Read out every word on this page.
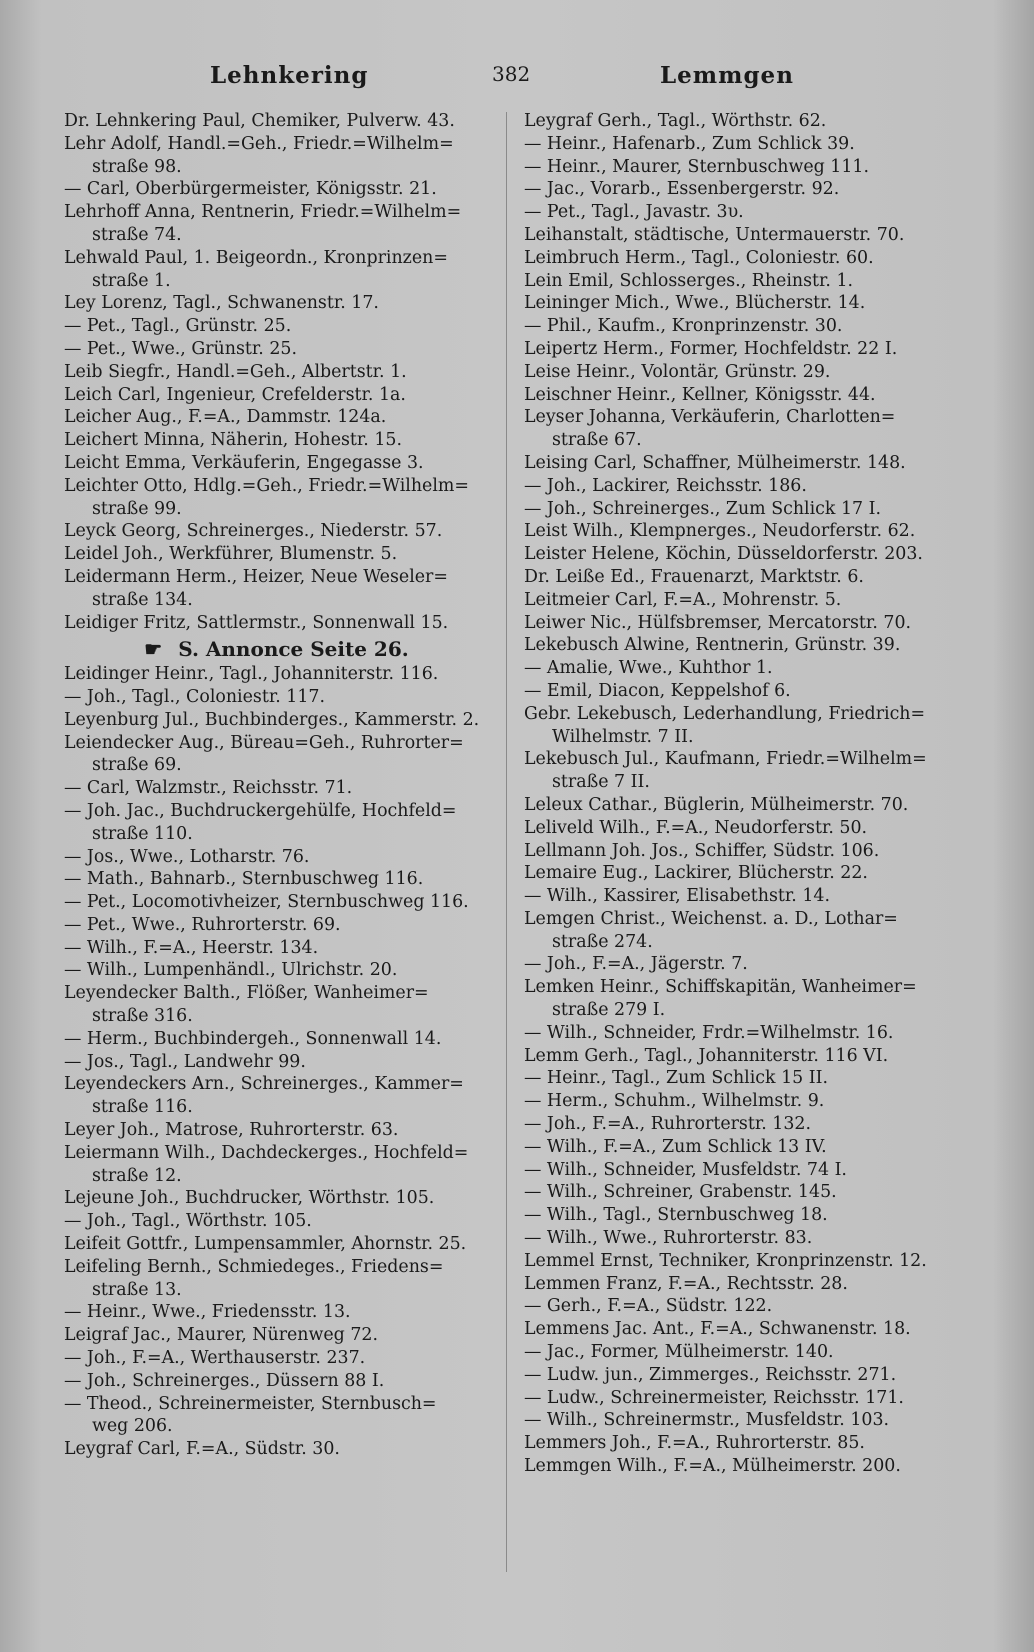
Lehnkering	382	Lemmgen
Dr. Lehnkering Paul, Chemiker, Pulverw. 43.
Lehr Adolf, Handl.=Geh., Friedr.=Wilhelm=
straße 98.
— Carl, Oberbürgermeister, Königsstr. 21.
Lehrhoff Anna, Rentnerin, Friedr.=Wilhelm=
straße 74.
Lehwald Paul, 1. Beigeordn., Kronprinzen=
straße 1.
Ley Lorenz, Tagl., Schwanenstr. 17.
— Pet., Tagl., Grünstr. 25.
— Pet., Wwe., Grünstr. 25.
Leib Siegfr., Handl.=Geh., Albertstr. 1.
Leich Carl, Ingenieur, Crefelderstr. 1a.
Leicher Aug., F.=A., Dammstr. 124a.
Leichert Minna, Näherin, Hohestr. 15.
Leicht Emma, Verkäuferin, Engegasse 3.
Leichter Otto, Hdlg.=Geh., Friedr.=Wilhelm=
straße 99.
Leyck Georg, Schreinerges., Niederstr. 57.
Leidel Joh., Werkführer, Blumenstr. 5.
Leidermann Herm., Heizer, Neue Weseler=
straße 134.
Leidiger Fritz, Sattlermstr., Sonnenwall 15.
☛ S. Annonce Seite 26.
Leidinger Heinr., Tagl., Johanniterstr. 116.
— Joh., Tagl., Coloniestr. 117.
Leyenburg Jul., Buchbinderges., Kammerstr. 2.
Leiendecker Aug., Büreau=Geh., Ruhrorter=
straße 69.
— Carl, Walzmstr., Reichsstr. 71.
— Joh. Jac., Buchdruckergehülfe, Hochfeld=
straße 110.
— Jos., Wwe., Lotharstr. 76.
— Math., Bahnarb., Sternbuschweg 116.
— Pet., Locomotivheizer, Sternbuschweg 116.
— Pet., Wwe., Ruhrorterstr. 69.
— Wilh., F.=A., Heerstr. 134.
— Wilh., Lumpenhändl., Ulrichstr. 20.
Leyendecker Balth., Flößer, Wanheimer=
straße 316.
— Herm., Buchbindergeh., Sonnenwall 14.
— Jos., Tagl., Landwehr 99.
Leyendeckers Arn., Schreinerges., Kammer=
straße 116.
Leyer Joh., Matrose, Ruhrorterstr. 63.
Leiermann Wilh., Dachdeckerges., Hochfeld=
straße 12.
Lejeune Joh., Buchdrucker, Wörthstr. 105.
— Joh., Tagl., Wörthstr. 105.
Leifeit Gottfr., Lumpensammler, Ahornstr. 25.
Leifeling Bernh., Schmiedeges., Friedens=
straße 13.
— Heinr., Wwe., Friedensstr. 13.
Leigraf Jac., Maurer, Nürenweg 72.
— Joh., F.=A., Werthauserstr. 237.
— Joh., Schreinerges., Düssern 88 I.
— Theod., Schreinermeister, Sternbusch=
weg 206.
Leygraf Carl, F.=A., Südstr. 30.
Leygraf Gerh., Tagl., Wörthstr. 62.
— Heinr., Hafenarb., Zum Schlick 39.
— Heinr., Maurer, Sternbuschweg 111.
— Jac., Vorarb., Essenbergerstr. 92.
— Pet., Tagl., Javastr. 3υ.
Leihanstalt, städtische, Untermauerstr. 70.
Leimbruch Herm., Tagl., Coloniestr. 60.
Lein Emil, Schlosserges., Rheinstr. 1.
Leininger Mich., Wwe., Blücherstr. 14.
— Phil., Kaufm., Kronprinzenstr. 30.
Leipertz Herm., Former, Hochfeldstr. 22 I.
Leise Heinr., Volontär, Grünstr. 29.
Leischner Heinr., Kellner, Königsstr. 44.
Leyser Johanna, Verkäuferin, Charlotten=
straße 67.
Leising Carl, Schaffner, Mülheimerstr. 148.
— Joh., Lackirer, Reichsstr. 186.
— Joh., Schreinerges., Zum Schlick 17 I.
Leist Wilh., Klempnerges., Neudorferstr. 62.
Leister Helene, Köchin, Düsseldorferstr. 203.
Dr. Leiße Ed., Frauenarzt, Marktstr. 6.
Leitmeier Carl, F.=A., Mohrenstr. 5.
Leiwer Nic., Hülfsbremser, Mercatorstr. 70.
Lekebusch Alwine, Rentnerin, Grünstr. 39.
— Amalie, Wwe., Kuhthor 1.
— Emil, Diacon, Keppelshof 6.
Gebr. Lekebusch, Lederhandlung, Friedrich=
Wilhelmstr. 7 II.
Lekebusch Jul., Kaufmann, Friedr.=Wilhelm=
straße 7 II.
Leleux Cathar., Büglerin, Mülheimerstr. 70.
Leliveld Wilh., F.=A., Neudorferstr. 50.
Lellmann Joh. Jos., Schiffer, Südstr. 106.
Lemaire Eug., Lackirer, Blücherstr. 22.
— Wilh., Kassirer, Elisabethstr. 14.
Lemgen Christ., Weichenst. a. D., Lothar=
straße 274.
— Joh., F.=A., Jägerstr. 7.
Lemken Heinr., Schiffskapitän, Wanheimer=
straße 279 I.
— Wilh., Schneider, Frdr.=Wilhelmstr. 16.
Lemm Gerh., Tagl., Johanniterstr. 116 VI.
— Heinr., Tagl., Zum Schlick 15 II.
— Herm., Schuhm., Wilhelmstr. 9.
— Joh., F.=A., Ruhrorterstr. 132.
— Wilh., F.=A., Zum Schlick 13 IV.
— Wilh., Schneider, Musfeldstr. 74 I.
— Wilh., Schreiner, Grabenstr. 145.
— Wilh., Tagl., Sternbuschweg 18.
— Wilh., Wwe., Ruhrorterstr. 83.
Lemmel Ernst, Techniker, Kronprinzenstr. 12.
Lemmen Franz, F.=A., Rechtsstr. 28.
— Gerh., F.=A., Südstr. 122.
Lemmens Jac. Ant., F.=A., Schwanenstr. 18.
— Jac., Former, Mülheimerstr. 140.
— Ludw. jun., Zimmerges., Reichsstr. 271.
— Ludw., Schreinermeister, Reichsstr. 171.
— Wilh., Schreinermstr., Musfeldstr. 103.
Lemmers Joh., F.=A., Ruhrorterstr. 85.
Lemmgen Wilh., F.=A., Mülheimerstr. 200.
